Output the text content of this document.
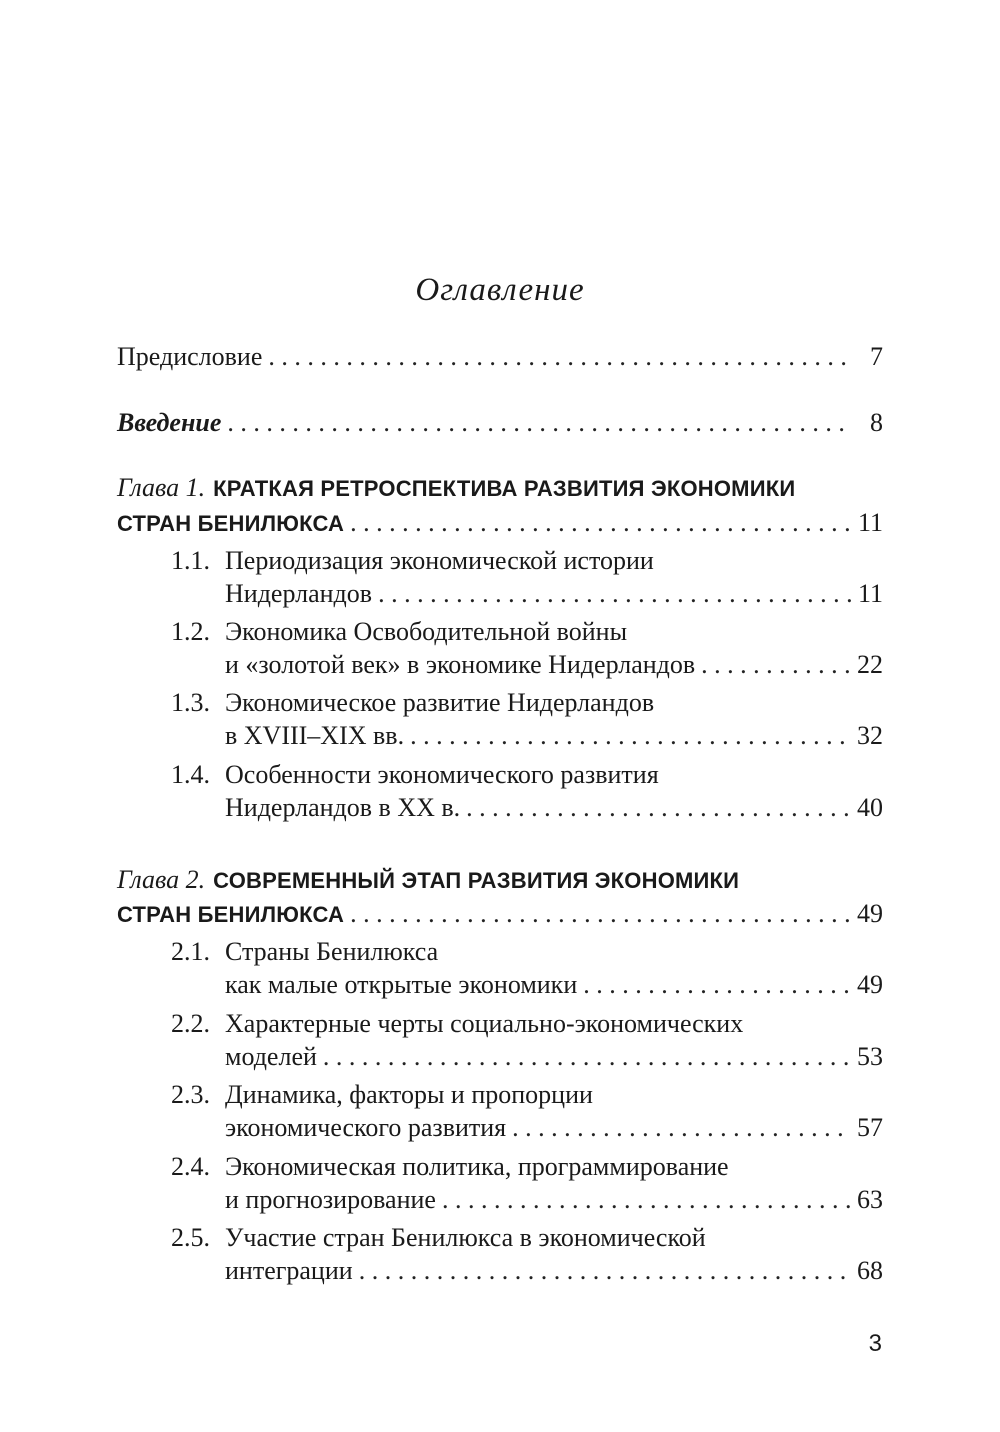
Оглавление
Предисловие . . .	7
Введение . . .	8
Глава 1. КРАТКАЯ РЕТРОСПЕКТИВА РАЗВИТИЯ ЭКОНОМИКИ
СТРАН БЕНИЛЮКСА . . .	11
1.1. Периодизация экономической истории
Нидерландов . . .	11
1.2. Экономика Освободительной войны
и «золотой век» в экономике Нидерландов . . .	22
1.3. Экономическое развитие Нидерландов
в XVIII–XIX вв. . . .	32
1.4. Особенности экономического развития
Нидерландов в XX в. . . .	40
Глава 2. СОВРЕМЕННЫЙ ЭТАП РАЗВИТИЯ ЭКОНОМИКИ
СТРАН БЕНИЛЮКСА . . .	49
2.1. Страны Бенилюкса
как малые открытые экономики . . .	49
2.2. Характерные черты социально-экономических
моделей . . .	53
2.3. Динамика, факторы и пропорции
экономического развития . . .	57
2.4. Экономическая политика, программирование
и прогнозирование . . .	63
2.5. Участие стран Бенилюкса в экономической
интеграции . . .	68
3
